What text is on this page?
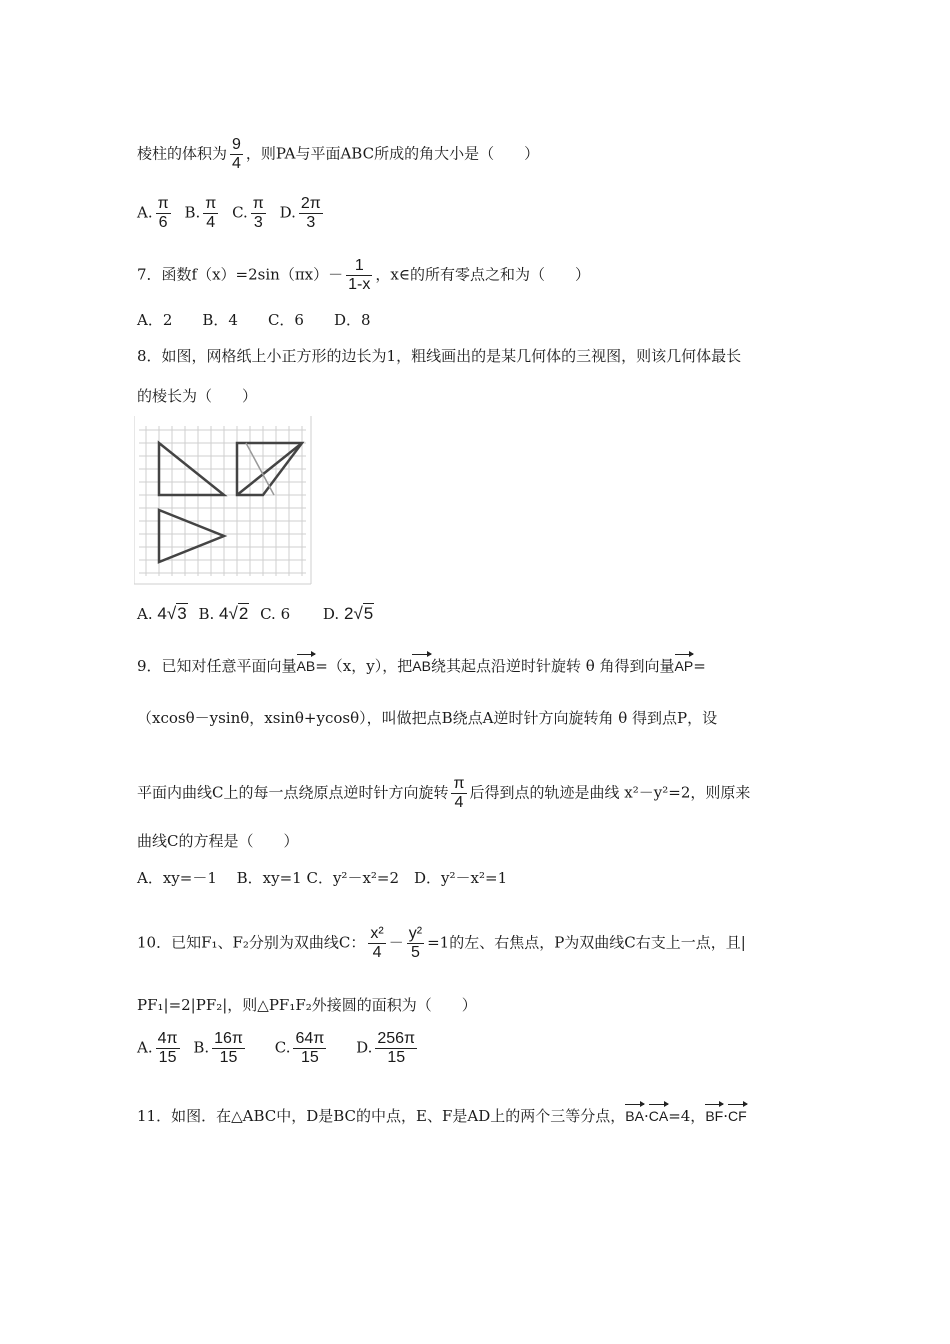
棱柱的体积为 $\frac{9}{4}$ ，则PA与平面ABC所成的角大小是（　　）
A. $\frac{\pi}{6} B$. $\frac{\pi}{4} C$. $\frac{\pi}{3} D$. $\frac{2\pi}{3}$
7．函数$f(x)=2\sin(\pi x)- \frac{1}{1-x}$ ，x∈的所有零点之和为（　　）
A．2　　B．4　　C．6　　D．8
8．如图，网格纸上小正方形的边长为1，粗线画出的是某几何体的三视图，则该几何体最长
的棱长为（　　）
A. 4√3 B. 4√2 C. 6 D. 2√5
9．已知对任意平面向量AB=（x，y），把AB绕其起点沿逆时针旋转 θ 角得到向量AP=
（xcosθ－ysinθ，xsinθ+ycosθ），叫做把点B绕点A逆时针方向旋转角 θ 得到点P，设
平面内曲线C上的每一点绕原点逆时针方向旋转 $\frac{\pi}{4}$ 后得到点的轨迹是曲线 x²－y²=2，则原来
曲线C的方程是（　　）
A．xy=－1　 B．xy=1 C．y²－x²=2　D．y²－x²=1
10．已知F₁、F₂分别为双曲线C： $\frac{\text{x²}}{4} - \frac{\text{y²}}{5} =1$的左、右焦点，P为双曲线C右支上一点，且|
PF₁|=2|PF₂|，则△PF₁F₂外接圆的面积为（　　）
A. $\frac{4\pi}{15} B$. $\frac{16\pi}{15} C$. $\frac{64\pi}{15} D$. $\frac{256\pi}{15}$
11．如图．在△ABC中，D是BC的中点，E、F是AD上的两个三等分点，BA·CA=4，BF·CF
